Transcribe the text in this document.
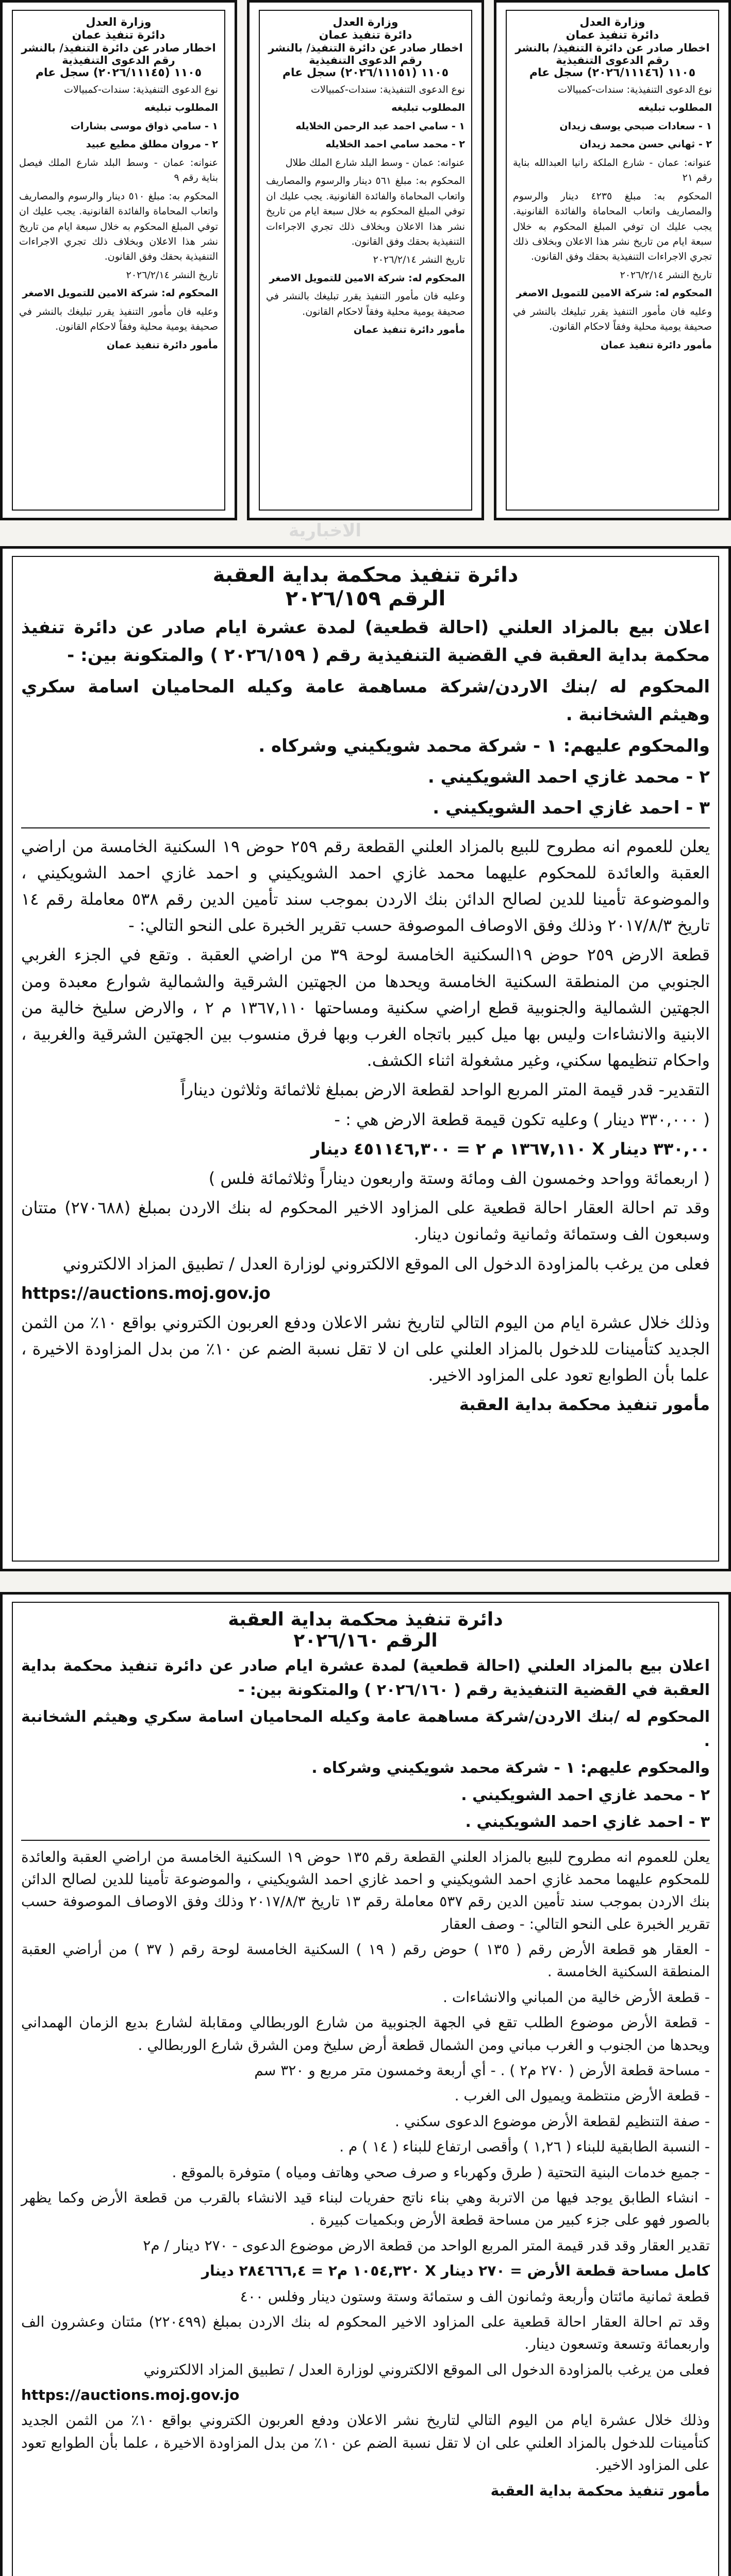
وزارة العدل
دائرة تنفيذ عمان
اخطار صادر عن دائرة التنفيذ/ بالنشر
رقم الدعوى التنفيذية
١١٠٥ (٢٠٢٦/١١١٤٦) سجل عام
نوع الدعوى التنفيذية: سندات-كمبيالات
المطلوب تبليغه
١ - سعادات صبحي يوسف زيدان
٢ - ثهاني حسن محمد زيدان
عنوانه: عمان - شارع الملكة رانيا العبدالله بناية رقم ٢١
المحكوم به: مبلغ ٤٢٣٥ دينار والرسوم والمصاريف واتعاب المحاماة والفائدة القانونية. يجب عليك ان توفي المبلغ المحكوم به خلال سبعة ايام من تاريخ نشر هذا الاعلان وبخلاف ذلك تجري الاجراءات التنفيذية بحقك وفق القانون.
تاريخ النشر ٢٠٢٦/٢/١٤
المحكوم له: شركة الامين للتمويل الاصغر
وعليه فان مأمور التنفيذ يقرر تبليغك بالنشر في صحيفة يومية محلية وفقاً لاحكام القانون.
مأمور دائرة تنفيذ عمان
وزارة العدل
دائرة تنفيذ عمان
اخطار صادر عن دائرة التنفيذ/ بالنشر
رقم الدعوى التنفيذية
١١٠٥ (٢٠٢٦/١١١٥١) سجل عام
نوع الدعوى التنفيذية: سندات-كمبيالات
المطلوب تبليغه
١ - سامي احمد عبد الرحمن الخلايله
٢ - محمد سامي احمد الخلايله
عنوانه: عمان - وسط البلد شارع الملك طلال
المحكوم به: مبلغ ٥٦١ دينار والرسوم والمصاريف واتعاب المحاماة والفائدة القانونية. يجب عليك ان توفي المبلغ المحكوم به خلال سبعة ايام من تاريخ نشر هذا الاعلان وبخلاف ذلك تجري الاجراءات التنفيذية بحقك وفق القانون.
تاريخ النشر ٢٠٢٦/٢/١٤
المحكوم له: شركة الامين للتمويل الاصغر
وعليه فان مأمور التنفيذ يقرر تبليغك بالنشر في صحيفة يومية محلية وفقاً لاحكام القانون.
مأمور دائرة تنفيذ عمان
وزارة العدل
دائرة تنفيذ عمان
اخطار صادر عن دائرة التنفيذ/ بالنشر
رقم الدعوى التنفيذية
١١٠٥ (٢٠٢٦/١١١٤٥) سجل عام
نوع الدعوى التنفيذية: سندات-كمبيالات
المطلوب تبليغه
١ - سامي ذواق موسى بشارات
٢ - مروان مطلق مطيع عبيد
عنوانه: عمان - وسط البلد شارع الملك فيصل بناية رقم ٩
المحكوم به: مبلغ ٥١٠ دينار والرسوم والمصاريف واتعاب المحاماة والفائدة القانونية. يجب عليك ان توفي المبلغ المحكوم به خلال سبعة ايام من تاريخ نشر هذا الاعلان وبخلاف ذلك تجري الاجراءات التنفيذية بحقك وفق القانون.
تاريخ النشر ٢٠٢٦/٢/١٤
المحكوم له: شركة الامين للتمويل الاصغر
وعليه فان مأمور التنفيذ يقرر تبليغك بالنشر في صحيفة يومية محلية وفقاً لاحكام القانون.
مأمور دائرة تنفيذ عمان
الاخبارية
دائرة تنفيذ محكمة بداية العقبة
الرقم ٢٠٢٦/١٥٩
اعلان بيع بالمزاد العلني (احالة قطعية) لمدة عشرة ايام صادر عن دائرة تنفيذ محكمة بداية العقبة في القضية التنفيذية رقم ( ٢٠٢٦/١٥٩ ) والمتكونة بين: -
المحكوم له /بنك الاردن/شركة مساهمة عامة وكيله المحاميان اسامة سكري وهيثم الشخانبة .
والمحكوم عليهم: ١ - شركة محمد شويكيني وشركاه .
٢ - محمد غازي احمد الشويكيني .
٣ - احمد غازي احمد الشويكيني .
يعلن للعموم انه مطروح للبيع بالمزاد العلني القطعة رقم ٢٥٩ حوض ١٩ السكنية الخامسة من اراضي العقبة والعائدة للمحكوم عليهما محمد غازي احمد الشويكيني و احمد غازي احمد الشويكيني ، والموضوعة تأمينا للدين لصالح الدائن بنك الاردن بموجب سند تأمين الدين رقم ٥٣٨ معاملة رقم ١٤ تاريخ ٢٠١٧/٨/٣ وذلك وفق الاوصاف الموصوفة حسب تقرير الخبرة على النحو التالي: -
قطعة الارض ٢٥٩ حوض ١٩السكنية الخامسة لوحة ٣٩ من اراضي العقبة . وتقع في الجزء الغربي الجنوبي من المنطقة السكنية الخامسة ويحدها من الجهتين الشرقية والشمالية شوارع معبدة ومن الجهتين الشمالية والجنوبية قطع اراضي سكنية ومساحتها ١٣٦٧,١١٠ م ٢ ، والارض سليخ خالية من الابنية والانشاءات وليس بها ميل كبير باتجاه الغرب وبها فرق منسوب بين الجهتين الشرقية والغربية ، واحكام تنظيمها سكني، وغير مشغولة اثناء الكشف.
التقدير- قدر قيمة المتر المربع الواحد لقطعة الارض بمبلغ ثلاثمائة وثلاثون ديناراً
( ٣٣٠,٠٠٠ دينار ) وعليه تكون قيمة قطعة الارض هي : -
٣٣٠,٠٠ دينار X ١٣٦٧,١١٠ م ٢ = ٤٥١١٤٦,٣٠٠ دينار
( اربعمائة وواحد وخمسون الف ومائة وستة واربعون ديناراً وثلاثمائة فلس )
وقد تم احالة العقار احالة قطعية على المزاود الاخير المحكوم له بنك الاردن بمبلغ (٢٧٠٦٨٨) متتان وسبعون الف وستمائة وثمانية وثمانون دينار.
فعلى من يرغب بالمزاودة الدخول الى الموقع الالكتروني لوزارة العدل / تطبيق المزاد الالكتروني
https://auctions.moj.gov.jo
وذلك خلال عشرة ايام من اليوم التالي لتاريخ نشر الاعلان ودفع العربون الكتروني بواقع ١٠٪ من الثمن الجديد كتأمينات للدخول بالمزاد العلني على ان لا تقل نسبة الضم عن ١٠٪ من بدل المزاودة الاخيرة ، علما بأن الطوابع تعود على المزاود الاخير.
مأمور تنفيذ محكمة بداية العقبة
دائرة تنفيذ محكمة بداية العقبة
الرقم ٢٠٢٦/١٦٠
اعلان بيع بالمزاد العلني (احالة قطعية) لمدة عشرة ايام صادر عن دائرة تنفيذ محكمة بداية العقبة في القضية التنفيذية رقم ( ٢٠٢٦/١٦٠ ) والمتكونة بين: -
المحكوم له /بنك الاردن/شركة مساهمة عامة وكيله المحاميان اسامة سكري وهيثم الشخانبة .
والمحكوم عليهم: ١ - شركة محمد شويكيني وشركاه .
٢ - محمد غازي احمد الشويكيني .
٣ - احمد غازي احمد الشويكيني .
يعلن للعموم انه مطروح للبيع بالمزاد العلني القطعة رقم ١٣٥ حوض ١٩ السكنية الخامسة من اراضي العقبة والعائدة للمحكوم عليهما محمد غازي احمد الشويكيني و احمد غازي احمد الشويكيني ، والموضوعة تأمينا للدين لصالح الدائن بنك الاردن بموجب سند تأمين الدين رقم ٥٣٧ معاملة رقم ١٣ تاريخ ٢٠١٧/٨/٣ وذلك وفق الاوصاف الموصوفة حسب تقرير الخبرة على النحو التالي: - وصف العقار
- العقار هو قطعة الأرض رقم ( ١٣٥ ) حوض رقم ( ١٩ ) السكنية الخامسة لوحة رقم ( ٣٧ ) من أراضي العقبة المنطقة السكنية الخامسة .
- قطعة الأرض خالية من المباني والانشاءات .
- قطعة الأرض موضوع الطلب تقع في الجهة الجنوبية من شارع الوربطالي ومقابلة لشارع بديع الزمان الهمداني ويحدها من الجنوب و الغرب مباني ومن الشمال قطعة أرض سليخ ومن الشرق شارع الوربطالي .
- مساحة قطعة الأرض ( ٢٧٠ م٢ ) . - أي أربعة وخمسون متر مربع و ٣٢٠ سم
- قطعة الأرض منتظمة ويميول الى الغرب .
- صفة التنظيم لقطعة الأرض موضوع الدعوى سكني .
- النسبة الطابقية للبناء ( ١,٢٦ ) وأقصى ارتفاع للبناء ( ١٤ ) م .
- جميع خدمات البنية التحتية ( طرق وكهرباء و صرف صحي وهاتف ومياه ) متوفرة بالموقع .
- انشاء الطابق يوجد فيها من الاتربة وهي بناء ناتج حفريات لبناء قيد الانشاء بالقرب من قطعة الأرض وكما يظهر بالصور فهو على جزء كبير من مساحة قطعة الأرض وبكميات كبيرة .
تقدير العقار وقد قدر قيمة المتر المربع الواحد من قطعة الارض موضوع الدعوى - ٢٧٠ دينار / م٢
كامل مساحة قطعة الأرض = ٢٧٠ دينار X ١٠٥٤,٣٢٠ م٢ = ٢٨٤٦٦٦,٤ دينار
قطعة ثمانية مائتان وأربعة وثمانون الف و ستمائة وستة وستون دينار وفلس ٤٠٠
وقد تم احالة العقار احالة قطعية على المزاود الاخير المحكوم له بنك الاردن بمبلغ (٢٢٠٤٩٩) مئتان وعشرون الف واربعمائة وتسعة وتسعون دينار.
فعلى من يرغب بالمزاودة الدخول الى الموقع الالكتروني لوزارة العدل / تطبيق المزاد الالكتروني
https://auctions.moj.gov.jo
وذلك خلال عشرة ايام من اليوم التالي لتاريخ نشر الاعلان ودفع العربون الكتروني بواقع ١٠٪ من الثمن الجديد كتأمينات للدخول بالمزاد العلني على ان لا تقل نسبة الضم عن ١٠٪ من بدل المزاودة الاخيرة ، علما بأن الطوابع تعود على المزاود الاخير.
مأمور تنفيذ محكمة بداية العقبة
